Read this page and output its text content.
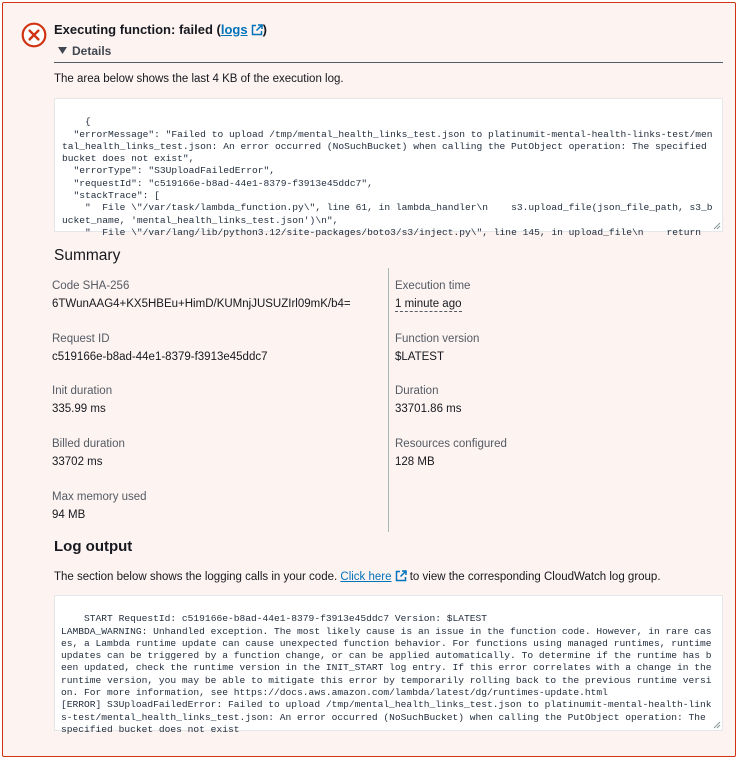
Executing function: failed (logs )
Details
The area below shows the last 4 KB of the execution log.

{
"errorMessage": "Failed to upload /tmp/mental_health_links_test.json to platinumit-mental-health-links-test/mental_health_links_test.json: An error occurred (NoSuchBucket) when calling the PutObject operation: The specified bucket does not exist",
"errorType": "S3UploadFailedError",
"requestId": "c519166e-b8ad-44e1-8379-f3913e45ddc7",
"stackTrace": [
"  File \"/var/task/lambda_function.py\", line 61, in lambda_handler\n    s3.upload_file(json_file_path, s3_bucket_name, 'mental_health_links_test.json')\n",
"  File \"/var/lang/lib/python3.12/site-packages/boto3/s3/inject.py\", line 145, in upload_file\n    return

Summary
Code SHA-256
6TWunAAG4+KX5HBEu+HimD/KUMnjJUSUZIrl09mK/b4=
Request ID
c519166e-b8ad-44e1-8379-f3913e45ddc7
Init duration
335.99 ms
Billed duration
33702 ms
Max memory used
94 MB
Execution time
1 minute ago
Function version
$LATEST
Duration
33701.86 ms
Resources configured
128 MB
Log output
The section below shows the logging calls in your code. Click here to view the corresponding CloudWatch log group.

START RequestId: c519166e-b8ad-44e1-8379-f3913e45ddc7 Version: $LATEST
LAMBDA_WARNING: Unhandled exception. The most likely cause is an issue in the function code. However, in rare cases, a Lambda runtime update can cause unexpected function behavior. For functions using managed runtimes, runtime updates can be triggered by a function change, or can be applied automatically. To determine if the runtime has been updated, check the runtime version in the INIT_START log entry. If this error correlates with a change in the runtime version, you may be able to mitigate this error by temporarily rolling back to the previous runtime version. For more information, see https://docs.aws.amazon.com/lambda/latest/dg/runtimes-update.html
[ERROR] S3UploadFailedError: Failed to upload /tmp/mental_health_links_test.json to platinumit-mental-health-links-test/mental_health_links_test.json: An error occurred (NoSuchBucket) when calling the PutObject operation: The specified bucket does not exist
